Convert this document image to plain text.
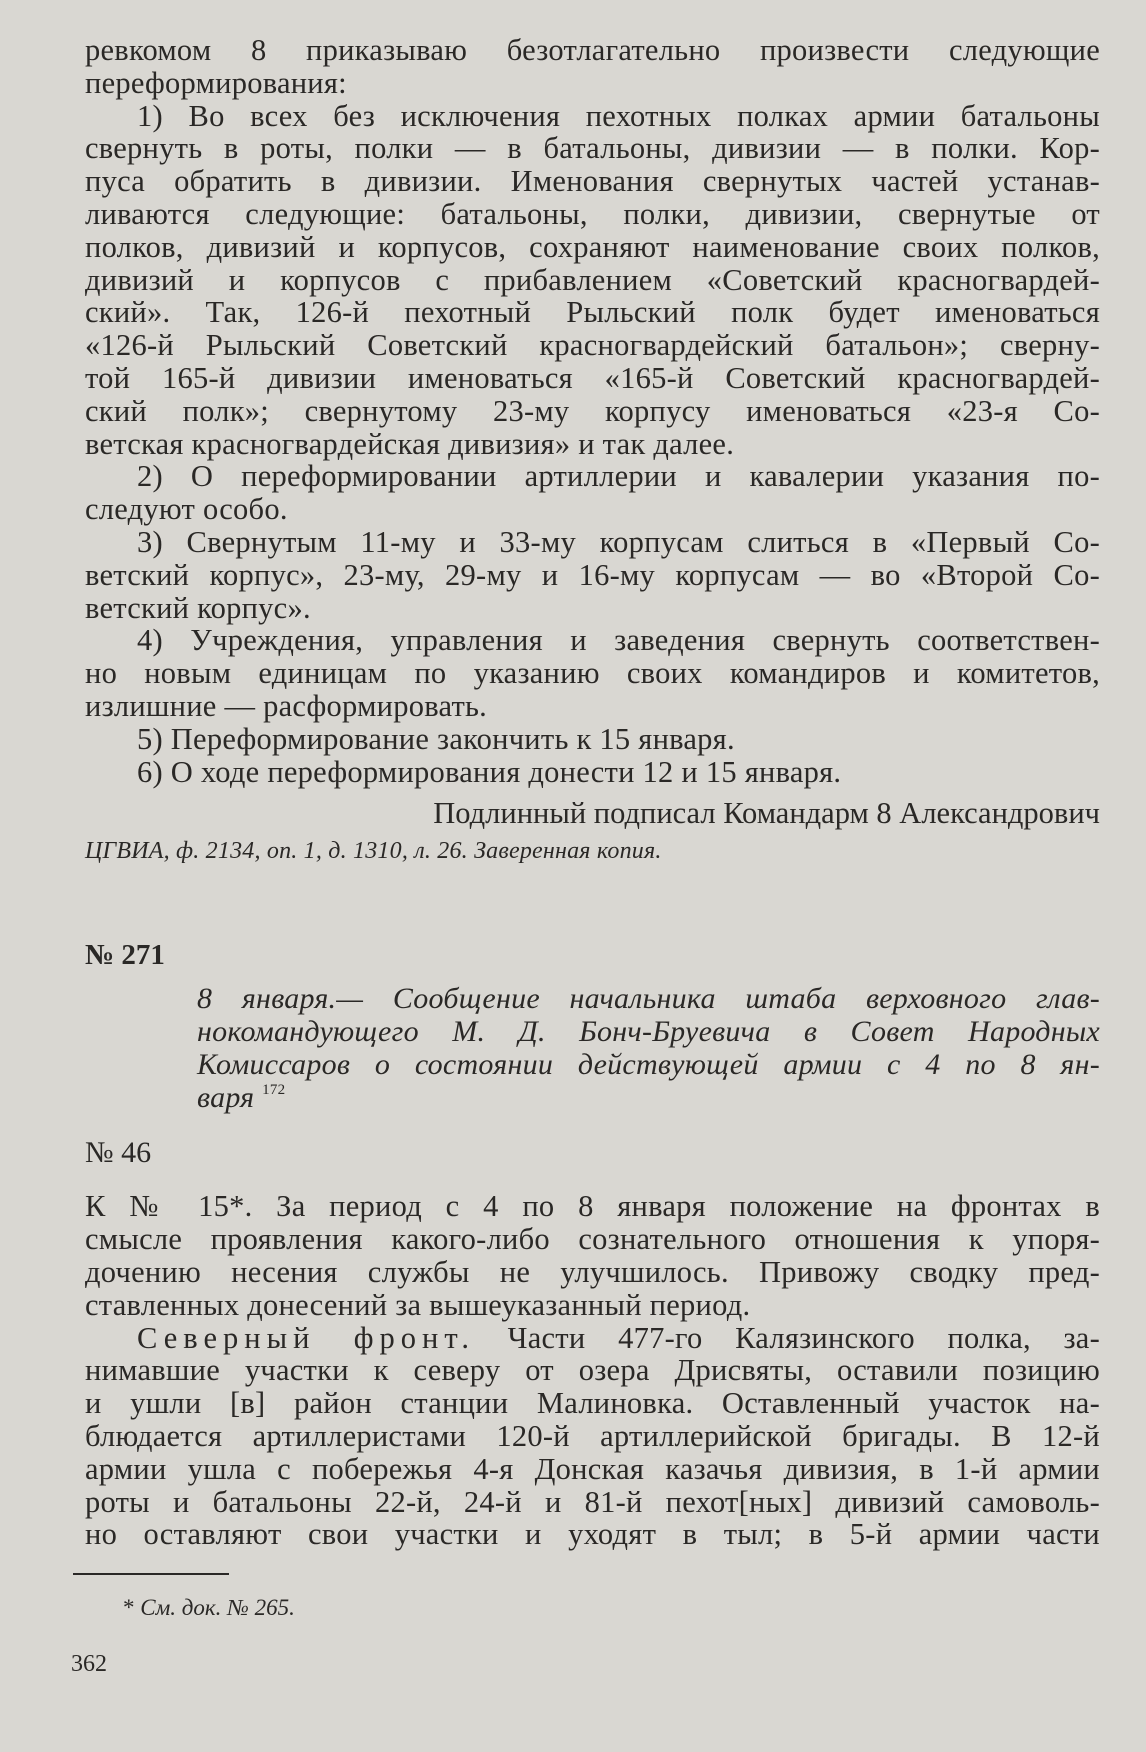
ревкомом 8 приказываю безотлагательно произвести следующие
переформирования:
1) Во всех без исключения пехотных полках армии батальоны
свернуть в роты, полки — в батальоны, дивизии — в полки. Кор-
пуса обратить в дивизии. Именования свернутых частей устанав-
ливаются следующие: батальоны, полки, дивизии, свернутые от
полков, дивизий и корпусов, сохраняют наименование своих полков,
дивизий и корпусов с прибавлением «Советский красногвардей-
ский». Так, 126-й пехотный Рыльский полк будет именоваться
«126-й Рыльский Советский красногвардейский батальон»; сверну-
той 165-й дивизии именоваться «165-й Советский красногвардей-
ский полк»; свернутому 23-му корпусу именоваться «23-я Со-
ветская красногвардейская дивизия» и так далее.
2) О переформировании артиллерии и кавалерии указания по-
следуют особо.
3) Свернутым 11-му и 33-му корпусам слиться в «Первый Со-
ветский корпус», 23-му, 29-му и 16-му корпусам — во «Второй Со-
ветский корпус».
4) Учреждения, управления и заведения свернуть соответствен-
но новым единицам по указанию своих командиров и комитетов,
излишние — расформировать.
5) Переформирование закончить к 15 января.
6) О ходе переформирования донести 12 и 15 января.
Подлинный подписал Командарм 8 Александрович
ЦГВИА, ф. 2134, оп. 1, д. 1310, л. 26. Заверенная копия.
№ 271
8 января.— Сообщение начальника штаба верховного глав-
нокомандующего М. Д. Бонч-Бруевича в Совет Народных
Комиссаров о состоянии действующей армии с 4 по 8 ян-
варя $^{172}$
№ 46
К № 15*. За период с 4 по 8 января положение на фронтах в
смысле проявления какого-либо сознательного отношения к упоря-
дочению несения службы не улучшилось. Привожу сводку пред-
ставленных донесений за вышеуказанный период.
Северный фронт. Части 477-го Калязинского полка, за-
нимавшие участки к северу от озера Дрисвяты, оставили позицию
и ушли [в] район станции Малиновка. Оставленный участок на-
блюдается артиллеристами 120-й артиллерийской бригады. В 12-й
армии ушла с побережья 4-я Донская казачья дивизия, в 1-й армии
роты и батальоны 22-й, 24-й и 81-й пехот[ных] дивизий самоволь-
но оставляют свои участки и уходят в тыл; в 5-й армии части
* См. док. № 265.
362
